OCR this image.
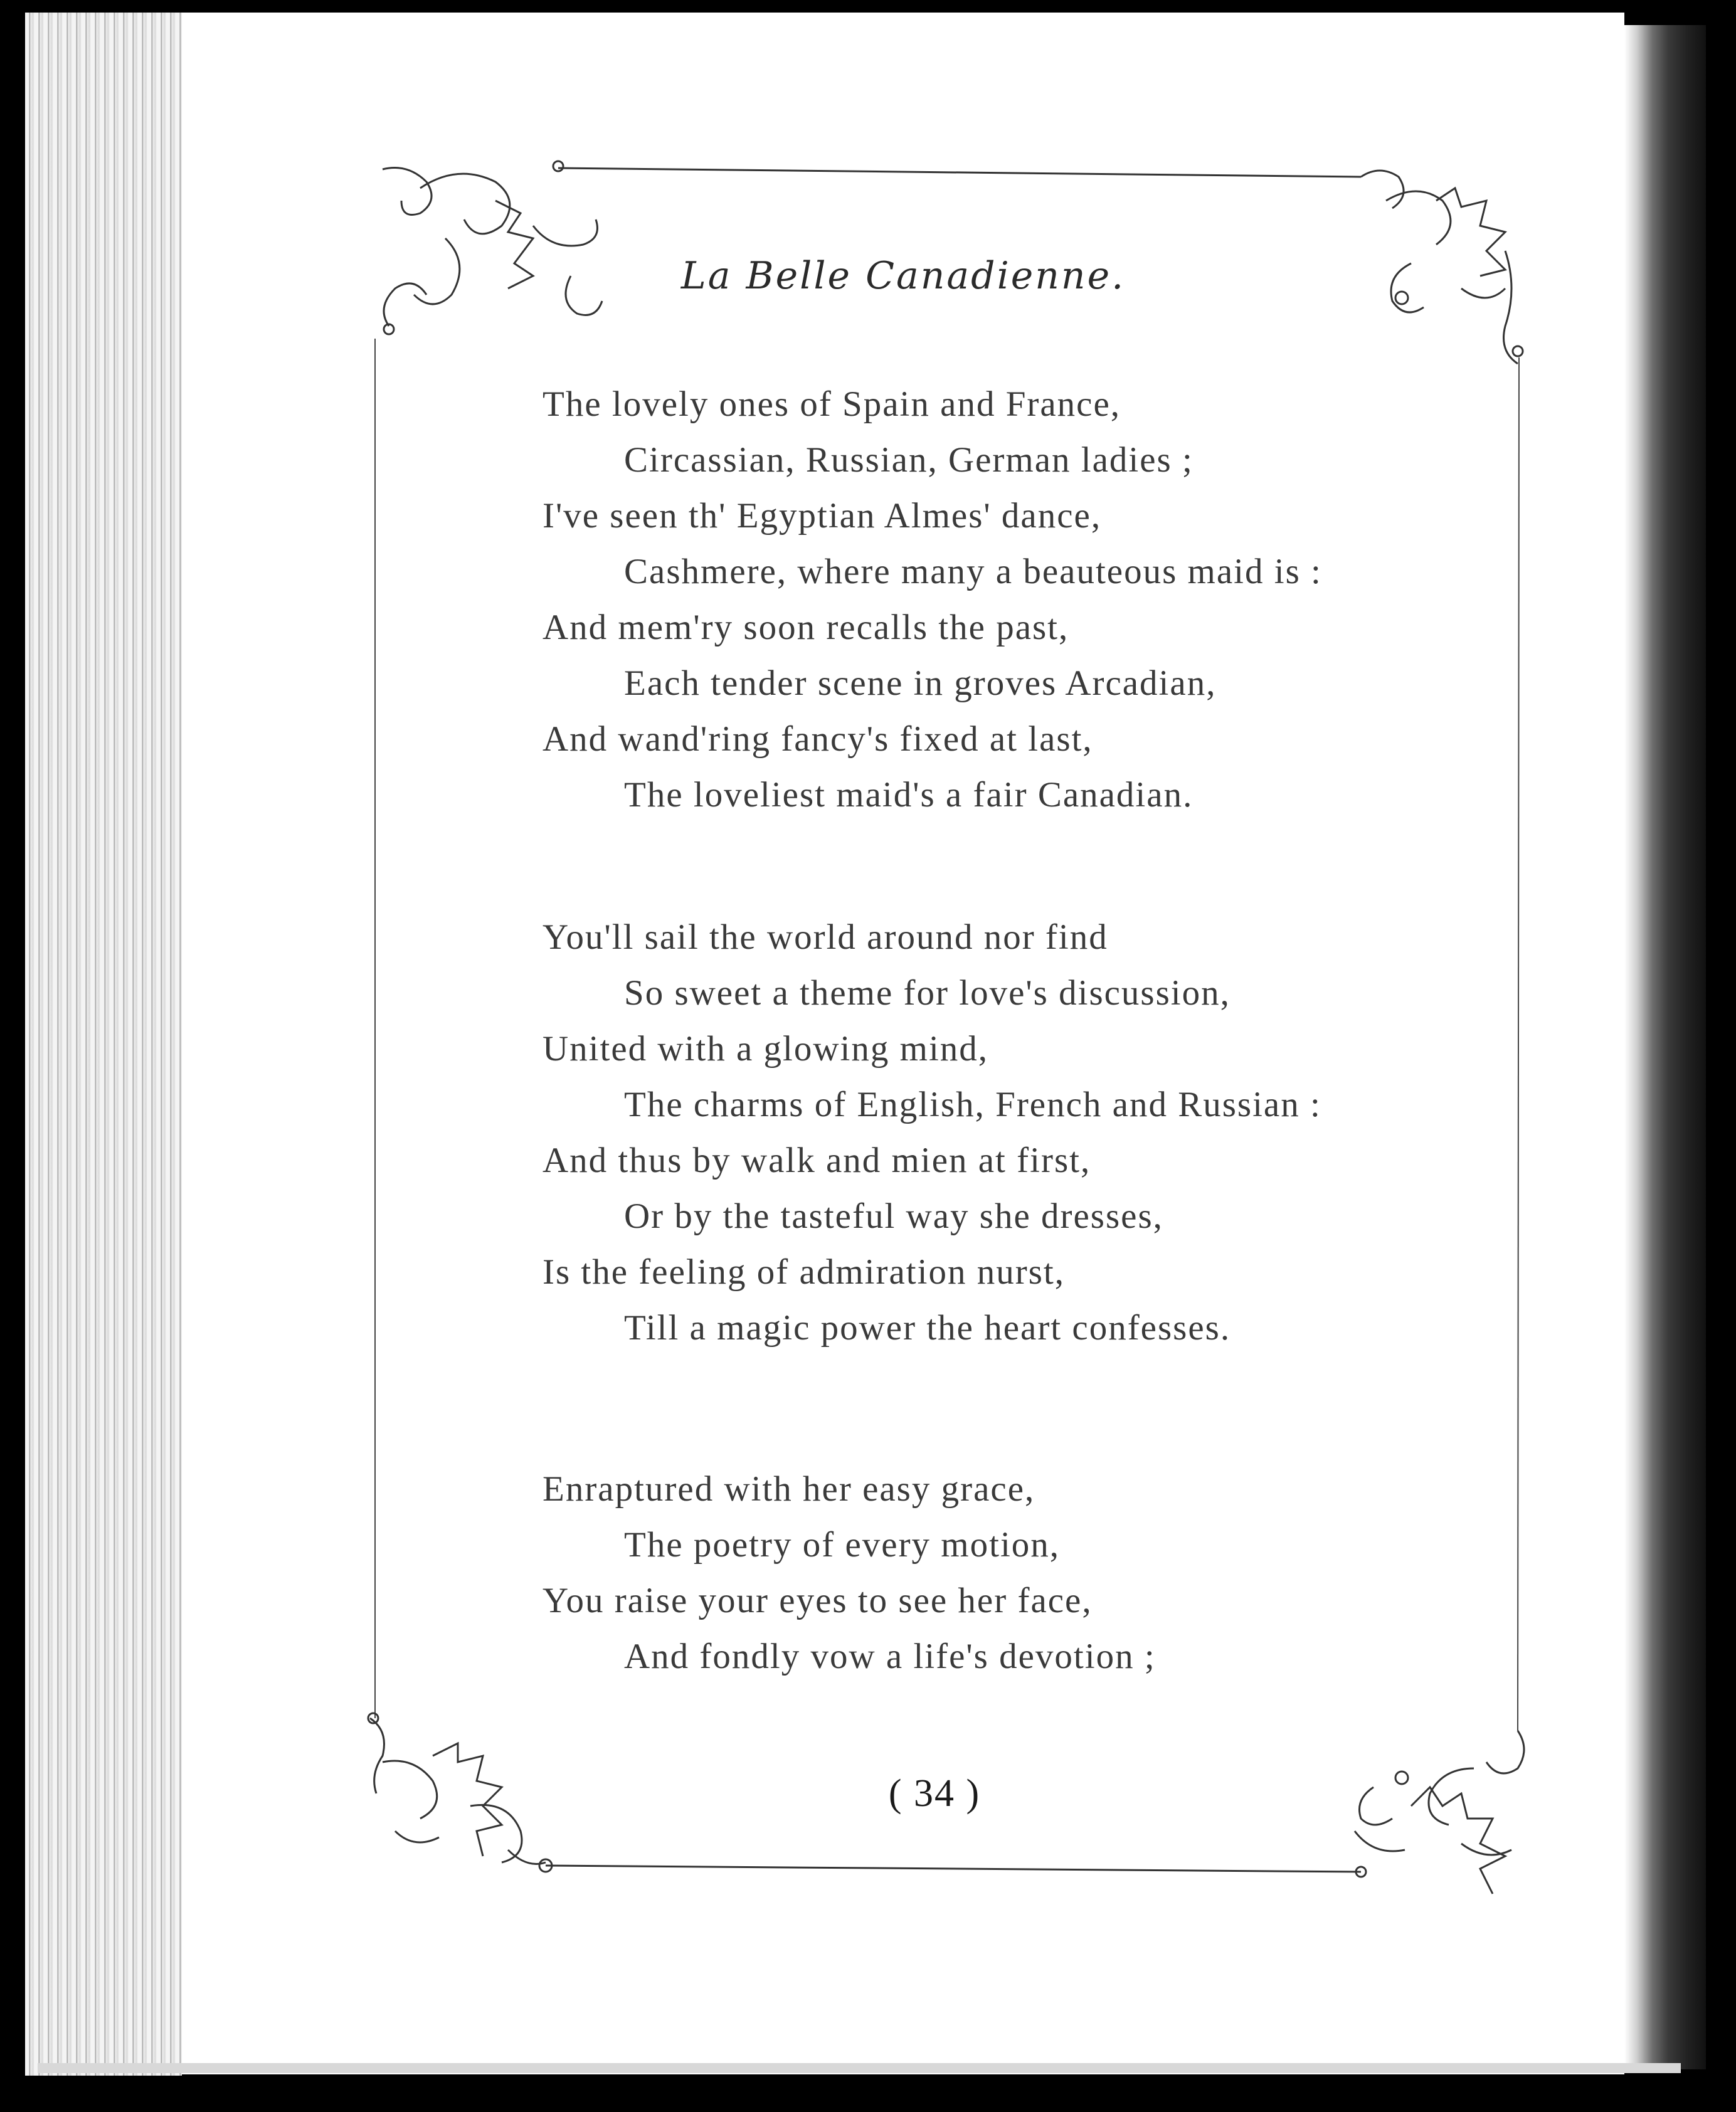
La Belle Canadienne.
The lovely ones of Spain and France,
Circassian, Russian, German ladies ;
I've seen th' Egyptian Almes' dance,
Cashmere, where many a beauteous maid is :
And mem'ry soon recalls the past,
Each tender scene in groves Arcadian,
And wand'ring fancy's fixed at last,
The loveliest maid's a fair Canadian.
You'll sail the world around nor find
So sweet a theme for love's discussion,
United with a glowing mind,
The charms of English, French and Russian :
And thus by walk and mien at first,
Or by the tasteful way she dresses,
Is the feeling of admiration nurst,
Till a magic power the heart confesses.
Enraptured with her easy grace,
The poetry of every motion,
You raise your eyes to see her face,
And fondly vow a life's devotion ;
( 34 )
